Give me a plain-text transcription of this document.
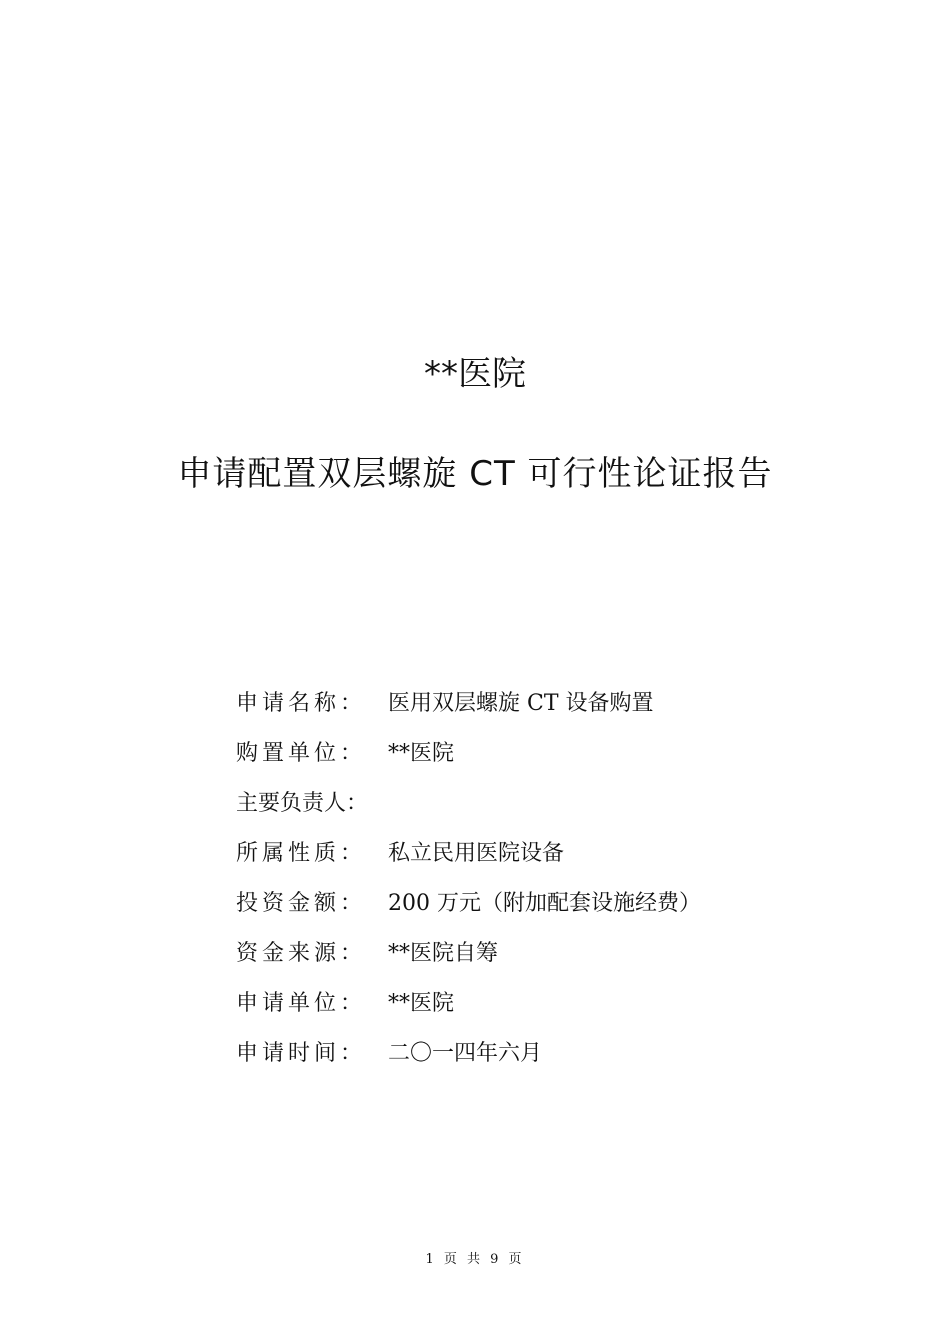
**医院
申请配置双层螺旋 CT 可行性论证报告
申请名称： 医用双层螺旋 CT 设备购置
购置单位： **医院
主要负责人：
所属性质： 私立民用医院设备
投资金额： 200 万元（附加配套设施经费）
资金来源： **医院自筹
申请单位： **医院
申请时间： 二〇一四年六月
1 页 共 9 页
